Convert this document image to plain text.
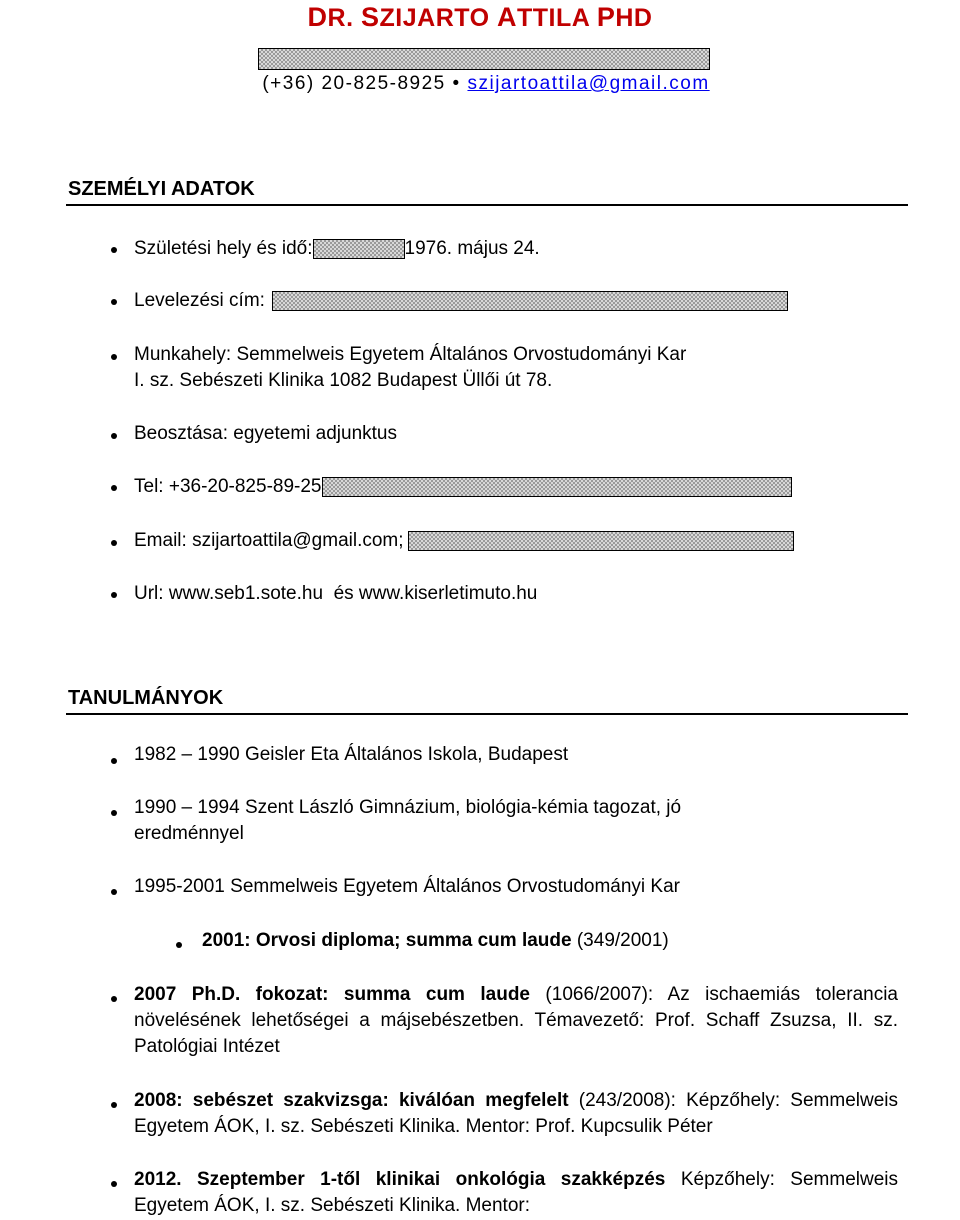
DR. SZIJARTO ATTILA PHD
(+36) 20-825-8925 • szijartoattila@gmail.com
SZEMÉLYI ADATOK
Születési hely és idő:	1976. május 24.
Levelezési cím:
Munkahely: Semmelweis Egyetem Általános Orvostudományi Kar
I. sz. Sebészeti Klinika 1082 Budapest Üllői út 78.
Beosztása: egyetemi adjunktus
Tel: +36-20-825-89-25
Email: szijartoattila@gmail.com;
Url: www.seb1.sote.hu  és www.kiserletimuto.hu
TANULMÁNYOK
1982 – 1990 Geisler Eta Általános Iskola, Budapest
1990 – 1994 Szent László Gimnázium, biológia-kémia tagozat, jó
eredménnyel
1995-2001 Semmelweis Egyetem Általános Orvostudományi Kar
2001: Orvosi diploma; summa cum laude (349/2001)
2007 Ph.D. fokozat: summa cum laude (1066/2007): Az ischaemiás tolerancia
növelésének lehetőségei a májsebészetben. Témavezető: Prof. Schaff Zsuzsa, II. sz.
Patológiai Intézet
2008: sebészet szakvizsga: kiválóan megfelelt (243/2008): Képzőhely: Semmelweis
Egyetem ÁOK, I. sz. Sebészeti Klinika. Mentor: Prof. Kupcsulik Péter
2012. Szeptember 1-től klinikai onkológia szakképzés Képzőhely: Semmelweis
Egyetem ÁOK, I. sz. Sebészeti Klinika. Mentor:
